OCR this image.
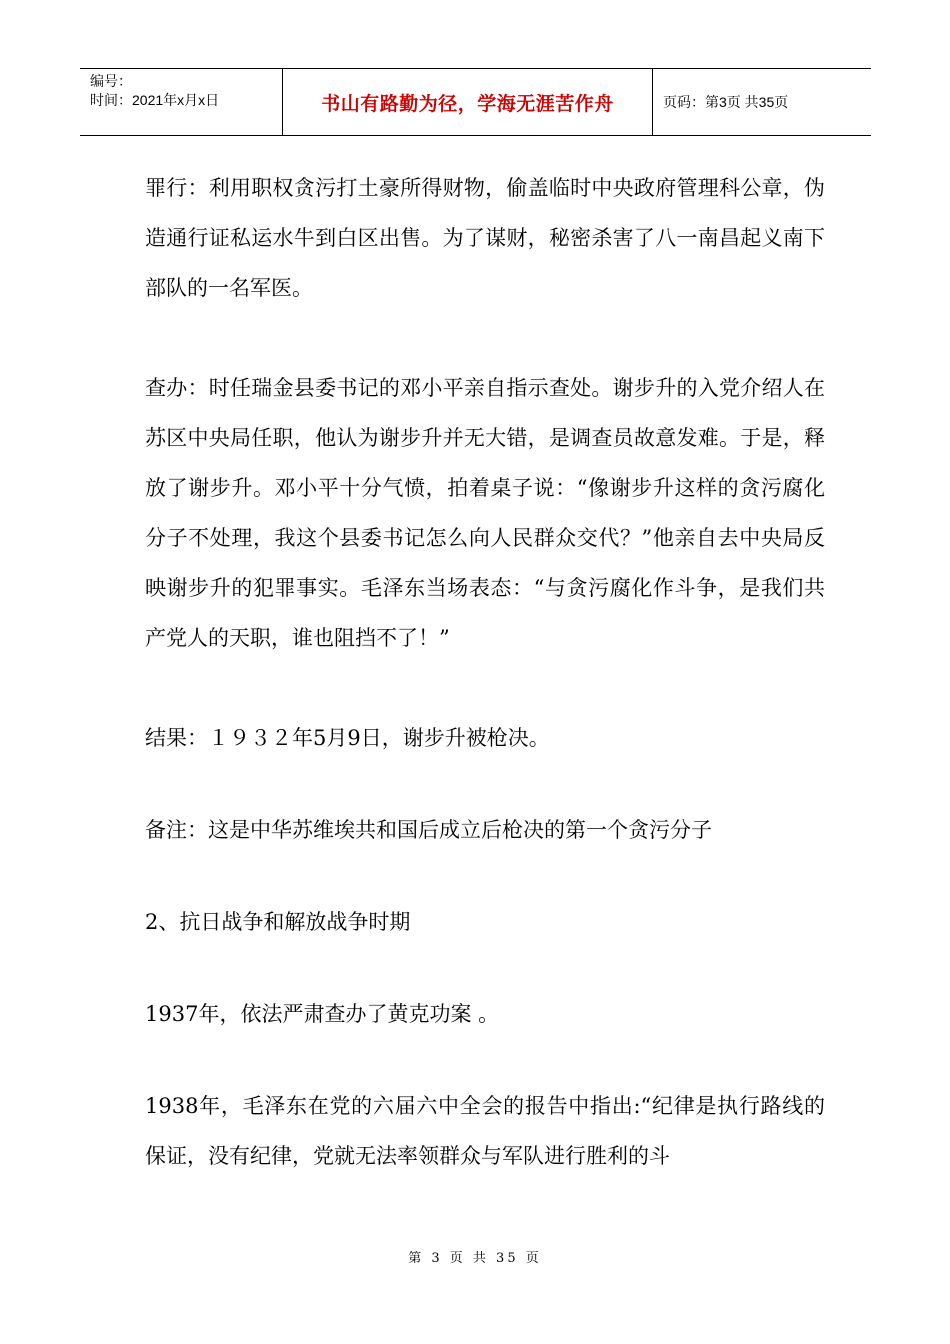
编号：
时间：2021年x月x日	书山有路勤为径，学海无涯苦作舟	页码：第3页 共35页

罪行：利用职权贪污打土豪所得财物，偷盖临时中央政府管理科公章，伪造通行证私运水牛到白区出售。为了谋财，秘密杀害了八一南昌起义南下部队的一名军医。

查办：时任瑞金县委书记的邓小平亲自指示查处。谢步升的入党介绍人在苏区中央局任职，他认为谢步升并无大错，是调查员故意发难。于是，释放了谢步升。邓小平十分气愤，拍着桌子说：“像谢步升这样的贪污腐化分子不处理，我这个县委书记怎么向人民群众交代？”他亲自去中央局反映谢步升的犯罪事实。毛泽东当场表态：“与贪污腐化作斗争，是我们共产党人的天职，谁也阻挡不了！”

结果：１９３２年5月9日，谢步升被枪决。

备注：这是中华苏维埃共和国后成立后枪决的第一个贪污分子

2、抗日战争和解放战争时期

1937年，依法严肃查办了黄克功案 。

1938年，毛泽东在党的六届六中全会的报告中指出:“纪律是执行路线的保证，没有纪律，党就无法率领群众与军队进行胜利的斗

第 3 页 共 35 页
